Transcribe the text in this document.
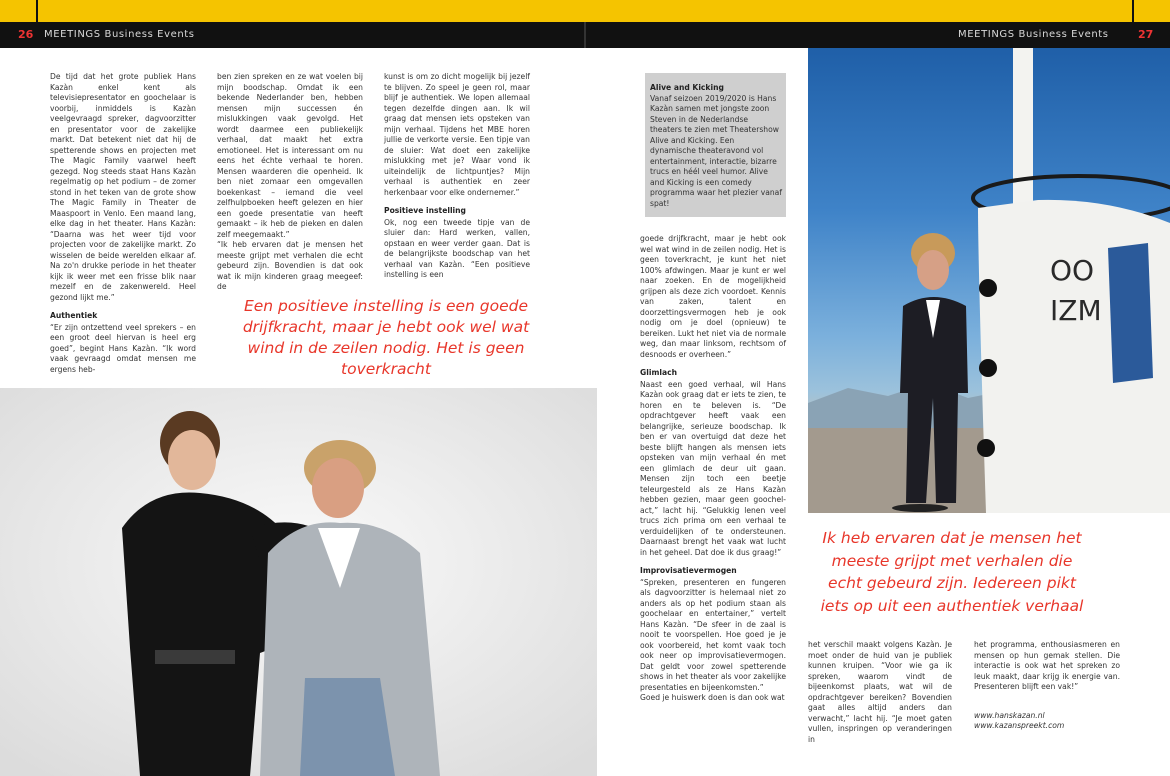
26 MEETINGS Business Events	MEETINGS Business Events	27

De tijd dat het grote publiek Hans Kazàn enkel kent als televisiepresentator en goochelaar is voorbij, inmiddels is Kazàn veelgevraagd spreker, dagvoorzitter en presentator voor de zakelijke markt. Dat betekent niet dat hij de spetterende shows en projecten met The Magic Family vaarwel heeft gezegd. Nog steeds staat Hans Kazàn regelmatig op het podium – de zomer stond in het teken van de grote show The Magic Family in Theater de Maaspoort in Venlo. Een maand lang, elke dag in het theater. Hans Kazàn: “Daarna was het weer tijd voor projecten voor de zakelijke markt. Zo wisselen de beide werelden elkaar af. Na zo'n drukke periode in het theater kijk ik weer met een frisse blik naar mezelf en de zakenwereld. Heel gezond lijkt me.”

Authentiek

“Er zijn ontzettend veel sprekers – en een groot deel hiervan is heel erg goed”, begint Hans Kazàn. “Ik word vaak gevraagd omdat mensen me ergens heb-

ben zien spreken en ze wat voelen bij mijn boodschap. Omdat ik een bekende Nederlander ben, hebben mensen mijn successen én mislukkingen vaak gevolgd. Het wordt daarmee een publiekelijk verhaal, dat maakt het extra emotioneel. Het is interessant om nu eens het échte verhaal te horen. Mensen waarderen die openheid. Ik ben niet zomaar een omgevallen boekenkast – iemand die veel zelfhulpboeken heeft gelezen en hier een goede presentatie van heeft gemaakt – ik heb de pieken en dalen zelf meegemaakt.”

“Ik heb ervaren dat je mensen het meeste grijpt met verhalen die echt gebeurd zijn. Bovendien is dat ook wat ik mijn kinderen graag meegeef: de

kunst is om zo dicht mogelijk bij jezelf te blijven. Zo speel je geen rol, maar blijf je authentiek. We lopen allemaal tegen dezelfde dingen aan. Ik wil graag dat mensen iets opsteken van mijn verhaal. Tijdens het MBE horen jullie de verkorte versie. Een tipje van de sluier: Wat doet een zakelijke mislukking met je? Waar vond ik uiteindelijk de lichtpuntjes? Mijn verhaal is authentiek en zeer herkenbaar voor elke ondernemer.”

Positieve instelling

Ok, nog een tweede tipje van de sluier dan: Hard werken, vallen, opstaan en weer verder gaan. Dat is de belangrijkste boodschap van het verhaal van Kazàn. “Een positieve instelling is een

Een positieve instelling is een goede drijfkracht, maar je hebt ook wel wat wind in de zeilen nodig. Het is geen toverkracht
Alive and Kicking

Vanaf seizoen 2019/2020 is Hans Kazàn samen met jongste zoon Steven in de Nederlandse theaters te zien met Theatershow Alive and Kicking. Een dynamische theateravond vol entertainment, interactie, bizarre trucs en héél veel humor. Alive and Kicking is een comedy programma waar het plezier vanaf spat!

goede drijfkracht, maar je hebt ook wel wat wind in de zeilen nodig. Het is geen toverkracht, je kunt het niet 100% afdwingen. Maar je kunt er wel naar zoeken. En de mogelijkheid grijpen als deze zich voordoet. Kennis van zaken, talent en doorzettingsvermogen heb je ook nodig om je doel (opnieuw) te bereiken. Lukt het niet via de normale weg, dan maar linksom, rechtsom of desnoods er overheen.”

Glimlach

Naast een goed verhaal, wil Hans Kazàn ook graag dat er iets te zien, te horen en te beleven is. “De opdrachtgever heeft vaak een belangrijke, serieuze boodschap. Ik ben er van overtuigd dat deze het beste blijft hangen als mensen iets opsteken van mijn verhaal én met een glimlach de deur uit gaan. Mensen zijn toch een beetje teleurgesteld als ze Hans Kazàn hebben gezien, maar geen goochel-act,” lacht hij. “Gelukkig lenen veel trucs zich prima om een verhaal te verduidelijken of te ondersteunen. Daarnaast brengt het vaak wat lucht in het geheel. Dat doe ik dus graag!”

Improvisatievermogen

“Spreken, presenteren en fungeren als dagvoorzitter is helemaal niet zo anders als op het podium staan als goochelaar en entertainer,” vertelt Hans Kazàn. “De sfeer in de zaal is nooit te voorspellen. Hoe goed je je ook voorbereid, het komt vaak toch ook neer op improvisatievermogen. Dat geldt voor zowel spetterende shows in het theater als voor zakelijke presentaties en bijeenkomsten.”

Goed je huiswerk doen is dan ook wat

OO
IZM
Ik heb ervaren dat je mensen het meeste grijpt met verhalen die echt gebeurd zijn. Iedereen pikt iets op uit een authentiek verhaal

het verschil maakt volgens Kazàn. Je moet onder de huid van je publiek kunnen kruipen. “Voor wie ga ik spreken, waarom vindt de bijeenkomst plaats, wat wil de opdrachtgever bereiken? Bovendien gaat alles altijd anders dan verwacht,” lacht hij. “Je moet gaten vullen, inspringen op veranderingen in

het programma, enthousiasmeren en mensen op hun gemak stellen. Die interactie is ook wat het spreken zo leuk maakt, daar krijg ik energie van. Presenteren blijft een vak!”

www.hanskazan.nl

www.kazanspreekt.com
